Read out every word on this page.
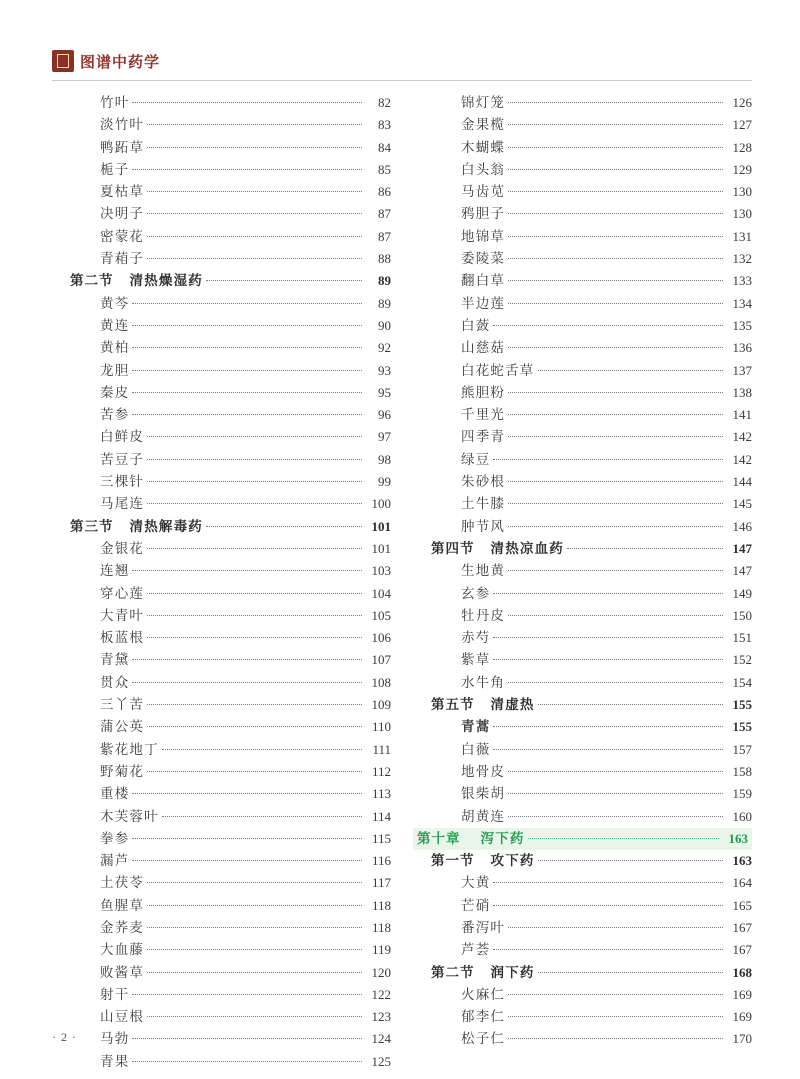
图谱中药学
竹叶	82
淡竹叶	83
鸭跖草	84
栀子	85
夏枯草	86
决明子	87
密蒙花	87
青葙子	88
第二节 清热燥湿药	89
黄芩	89
黄连	90
黄柏	92
龙胆	93
秦皮	95
苦参	96
白鲜皮	97
苦豆子	98
三棵针	99
马尾连	100
第三节 清热解毒药	101
金银花	101
连翘	103
穿心莲	104
大青叶	105
板蓝根	106
青黛	107
贯众	108
三丫苦	109
蒲公英	110
紫花地丁	111
野菊花	112
重楼	113
木芙蓉叶	114
拳参	115
漏芦	116
土茯苓	117
鱼腥草	118
金荞麦	118
大血藤	119
败酱草	120
射干	122
山豆根	123
马勃	124
青果	125
锦灯笼	126
金果榄	127
木蝴蝶	128
白头翁	129
马齿苋	130
鸦胆子	130
地锦草	131
委陵菜	132
翻白草	133
半边莲	134
白蔹	135
山慈菇	136
白花蛇舌草	137
熊胆粉	138
千里光	141
四季青	142
绿豆	142
朱砂根	144
土牛膝	145
肿节风	146
第四节 清热凉血药	147
生地黄	147
玄参	149
牡丹皮	150
赤芍	151
紫草	152
水牛角	154
第五节 清虚热	155
青蒿	155
白薇	157
地骨皮	158
银柴胡	159
胡黄连	160
第十章 泻下药	163
第一节 攻下药	163
大黄	164
芒硝	165
番泻叶	167
芦荟	167
第二节 润下药	168
火麻仁	169
郁李仁	169
松子仁	170
· 2 ·
